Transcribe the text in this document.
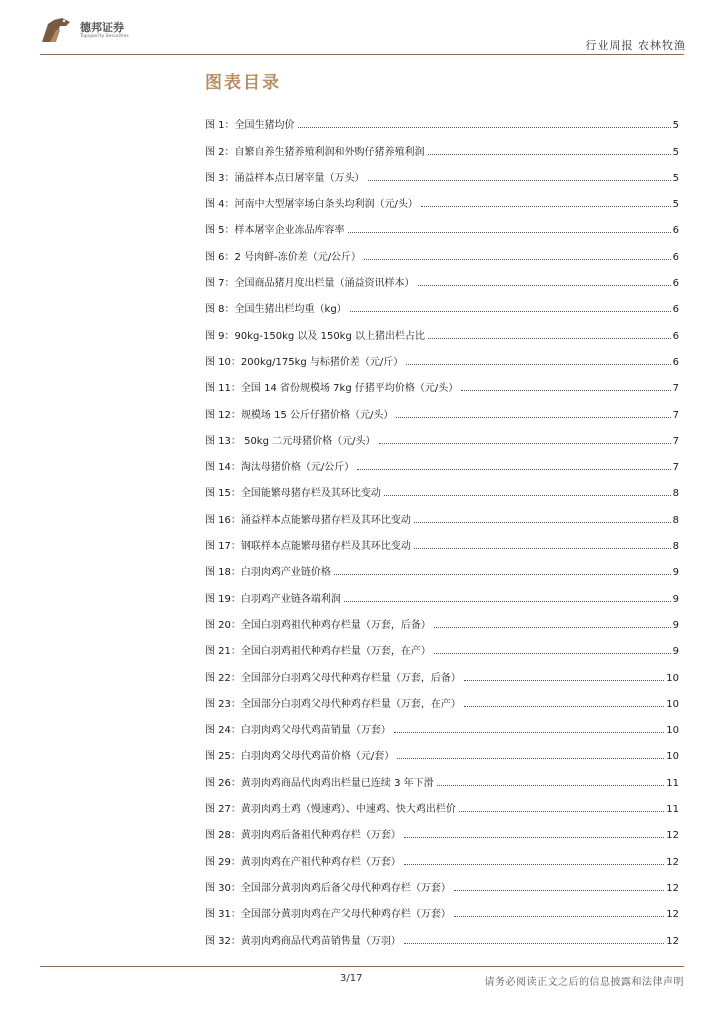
德邦证券
Topsperity Securities
行业周报 农林牧渔
图表目录
图 1：全国生猪均价	5
图 2：自繁自养生猪养殖利润和外购仔猪养殖利润	5
图 3：涌益样本点日屠宰量（万头）	5
图 4：河南中大型屠宰场白条头均利润（元/头）	5
图 5：样本屠宰企业冻品库容率	6
图 6：2 号肉鲜-冻价差（元/公斤）	6
图 7：全国商品猪月度出栏量（涌益资讯样本）	6
图 8：全国生猪出栏均重（kg）	6
图 9：90kg-150kg 以及 150kg 以上猪出栏占比	6
图 10：200kg/175kg 与标猪价差（元/斤）	6
图 11：全国 14 省份规模场 7kg 仔猪平均价格（元/头）	7
图 12：规模场 15 公斤仔猪价格（元/头）	7
图 13： 50kg 二元母猪价格（元/头）	7
图 14：淘汰母猪价格（元/公斤）	7
图 15：全国能繁母猪存栏及其环比变动	8
图 16：涌益样本点能繁母猪存栏及其环比变动	8
图 17：钢联样本点能繁母猪存栏及其环比变动	8
图 18：白羽肉鸡产业链价格	9
图 19：白羽鸡产业链各端利润	9
图 20：全国白羽鸡祖代种鸡存栏量（万套，后备）	9
图 21：全国白羽鸡祖代种鸡存栏量（万套，在产）	9
图 22：全国部分白羽鸡父母代种鸡存栏量（万套，后备）	10
图 23：全国部分白羽鸡父母代种鸡存栏量（万套，在产）	10
图 24：白羽肉鸡父母代鸡苗销量（万套）	10
图 25：白羽肉鸡父母代鸡苗价格（元/套）	10
图 26：黄羽肉鸡商品代肉鸡出栏量已连续 3 年下滑	11
图 27：黄羽肉鸡土鸡（慢速鸡）、中速鸡、快大鸡出栏价	11
图 28：黄羽肉鸡后备祖代种鸡存栏（万套）	12
图 29：黄羽肉鸡在产祖代种鸡存栏（万套）	12
图 30：全国部分黄羽肉鸡后备父母代种鸡存栏（万套）	12
图 31：全国部分黄羽肉鸡在产父母代种鸡存栏（万套）	12
图 32：黄羽肉鸡商品代鸡苗销售量（万羽）	12
3/17	请务必阅读正文之后的信息披露和法律声明
